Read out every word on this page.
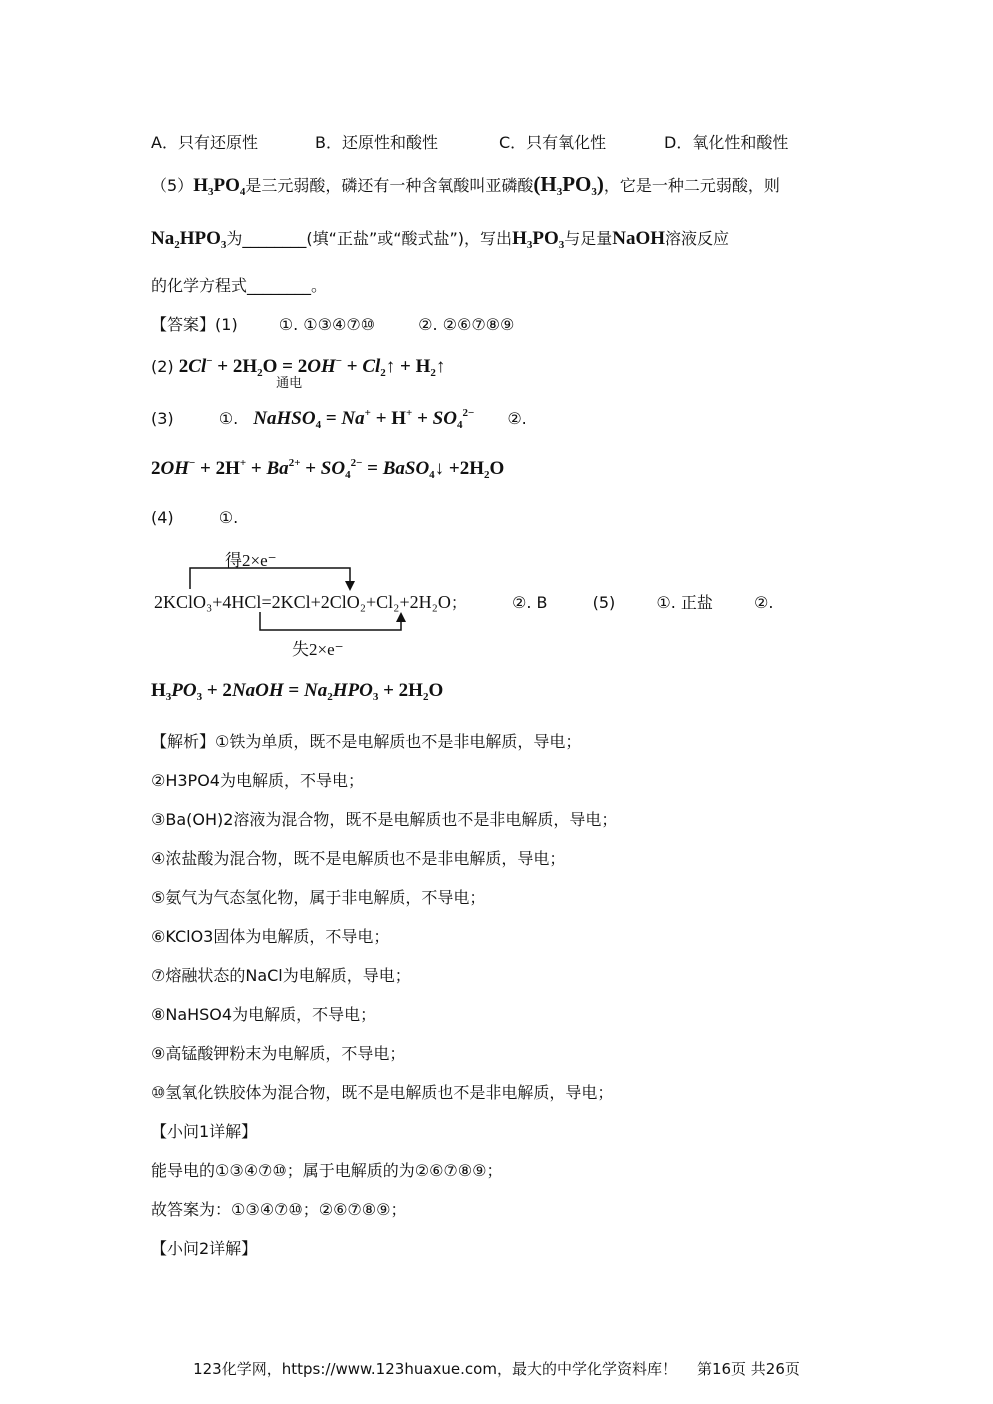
A．只有还原性	B．还原性和酸性	C．只有氧化性	D．氧化性和酸性
$(5)H_3PO_4$是三元弱酸，磷还有一种含氧酸叫亚磷酸$(H_3PO_3)$，它是一种二元弱酸，则
$Na_2HPO_3$为________(填“正盐”或“酸式盐”)，写出$H_3PO_3$与足量NaOH溶液反应
的化学方程式________。
【答案】(1)	①. ①③④⑦⑩	②. ②⑥⑦⑧⑨
(2) $2Cl^- + 2H_2O$ =
通电
$2OH^- + Cl_2↑$ + $H_2↑$
(3)	①. NaHSO$_4$ = $Na^+ + H^+ + SO_4^{2-}$ ②.
$2OH^- + 2H^+ + Ba^{2+} + SO_4^{2-}$ = BaSO$_4$↓ $+2H_2O$
(4)	①.
得2×e⁻
2KClO₃+4HCl=2KCl+2ClO₂+Cl₂+2H₂O；	②. B	(5)	①. 正盐	②.
失2×e⁻
$H_3PO_3$ + 2NaOH = $Na_2HPO_3 + 2H_2O$
【解析】①铁为单质，既不是电解质也不是非电解质，导电；
②H3PO4为电解质，不导电；
③Ba(OH)2溶液为混合物，既不是电解质也不是非电解质，导电；
④浓盐酸为混合物，既不是电解质也不是非电解质，导电；
⑤氨气为气态氢化物，属于非电解质，不导电；
⑥KClO3固体为电解质，不导电；
⑦熔融状态的NaCl为电解质，导电；
⑧NaHSO4为电解质，不导电；
⑨高锰酸钾粉末为电解质，不导电；
⑩氢氧化铁胶体为混合物，既不是电解质也不是非电解质，导电；
【小问1详解】
能导电的①③④⑦⑩；属于电解质的为②⑥⑦⑧⑨；
故答案为：①③④⑦⑩；②⑥⑦⑧⑨；
【小问2详解】
123化学网，https://www.123huaxue.com，最大的中学化学资料库！ 第16页 共26页
